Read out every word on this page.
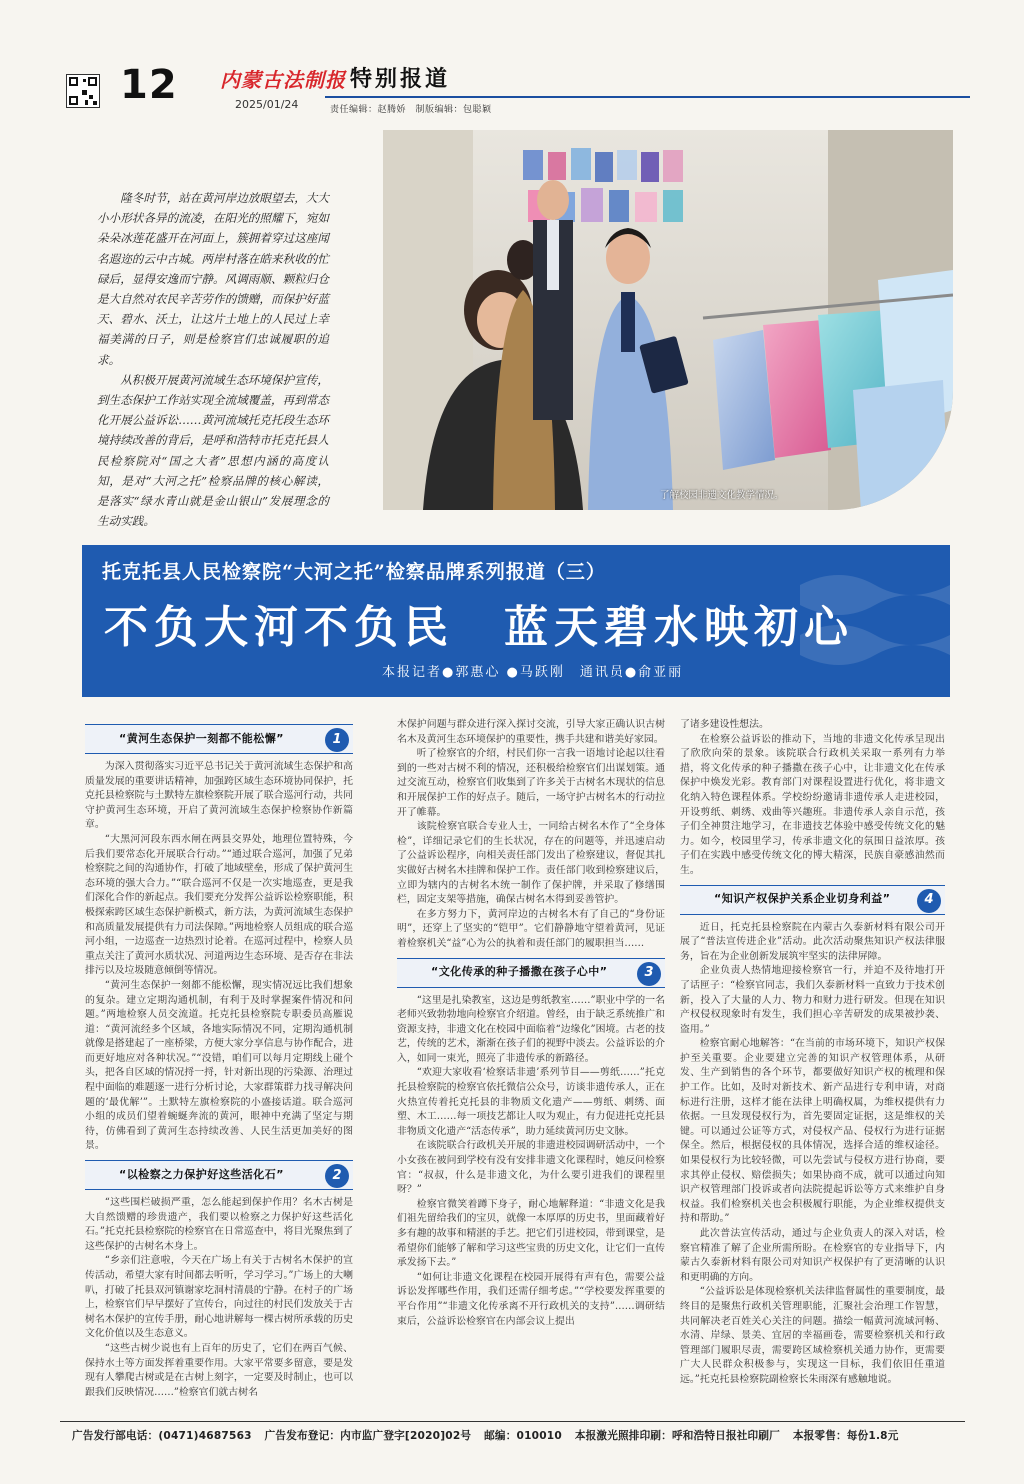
12 内蒙古法制报
2025/01/24
特别报道
责任编辑：赵腾娇　制版编辑：包聪颖

隆冬时节，站在黄河岸边放眼望去，大大小小形状各异的流凌，在阳光的照耀下，宛如朵朵冰莲花盛开在河面上，簇拥着穿过这座闻名遐迩的云中古城。两岸村落在皓来秋收的忙碌后，显得安逸而宁静。风调雨顺、颗粒归仓是大自然对农民辛苦劳作的馈赠，而保护好蓝天、碧水、沃土，让这片土地上的人民过上幸福美满的日子，则是检察官们忠诚履职的追求。

从积极开展黄河流域生态环境保护宣传，到生态保护工作站实现全流域覆盖，再到常态化开展公益诉讼……黄河流域托克托段生态环境持续改善的背后，是呼和浩特市托克托县人民检察院对“国之大者”思想内涵的高度认知，是对“大河之托”检察品牌的核心解读，是落实“绿水青山就是金山银山”发展理念的生动实践。

了解校园非遗文化教学情况。
托克托县人民检察院“大河之托”检察品牌系列报道（三）
不负大河不负民　蓝天碧水映初心
本报记者●郭惠心 ●马跃刚　通讯员●俞亚丽
“黄河生态保护一刻都不能松懈”	1

为深入贯彻落实习近平总书记关于黄河流域生态保护和高质量发展的重要讲话精神，加强跨区域生态环境协同保护，托克托县检察院与土默特左旗检察院开展了联合巡河行动，共同守护黄河生态环境，开启了黄河流域生态保护检察协作新篇章。

“大黑河河段东西水闸在两县交界处，地理位置特殊，今后我们要常态化开展联合行动。”“通过联合巡河，加强了兄弟检察院之间的沟通协作，打破了地域壁垒，形成了保护黄河生态环境的强大合力。”“联合巡河不仅是一次实地巡查，更是我们深化合作的新起点。我们要充分发挥公益诉讼检察职能，积极探索跨区域生态保护新模式，新方法，为黄河流域生态保护和高质量发展提供有力司法保障。”两地检察人员组成的联合巡河小组，一边巡查一边热烈讨论着。在巡河过程中，检察人员重点关注了黄河水质状况、河道两边生态环境、是否存在非法排污以及垃圾随意倾倒等情况。

“黄河生态保护一刻都不能松懈，现实情况远比我们想象的复杂。建立定期沟通机制，有利于及时掌握案件情况和问题。”两地检察人员交流道。托克托县检察院专职委员高雁说道：“黄河流经多个区域，各地实际情况不同，定期沟通机制就像是搭建起了一座桥梁，方便大家分享信息与协作配合，进而更好地应对各种状况。”“没错，咱们可以每月定期线上碰个头，把各自区域的情况捋一捋，针对新出现的污染源、治理过程中面临的难题逐一进行分析讨论，大家群策群力找寻解决问题的‘最优解’”。土默特左旗检察院的小盛接话道。联合巡河小组的成员们望着蜿蜒奔流的黄河，眼神中充满了坚定与期待，仿佛看到了黄河生态持续改善、人民生活更加美好的图景。

“以检察之力保护好这些活化石”	2

“这些围栏破损严重，怎么能起到保护作用？名木古树是大自然馈赠的珍贵遗产，我们要以检察之力保护好这些活化石。”托克托县检察院的检察官在日常巡查中，将目光聚焦到了这些保护的古树名木身上。

“乡亲们注意啦，今天在广场上有关于古树名木保护的宣传活动，希望大家有时间都去听听，学习学习。”广场上的大喇叭，打破了托县双河镇谢家圪洞村清晨的宁静。在村子的广场上，检察官们早早摆好了宣传台，向过往的村民们发放关于古树名木保护的宣传手册，耐心地讲解每一棵古树所承载的历史文化价值以及生态意义。

“这些古树少说也有上百年的历史了，它们在两百气候、保持水土等方面发挥着重要作用。大家平常要多留意，要是发现有人攀爬古树或是在古树上刻字，一定要及时制止，也可以跟我们反映情况……”检察官们就古树名

木保护问题与群众进行深入探讨交流，引导大家正确认识古树名木及黄河生态环境保护的重要性，携手共建和谐美好家园。

听了检察官的介绍，村民们你一言我一语地讨论起以往看到的一些对古树不利的情况，还积极给检察官们出谋划策。通过交流互动，检察官们收集到了许多关于古树名木现状的信息和开展保护工作的好点子。随后，一场守护古树名木的行动拉开了帷幕。

该院检察官联合专业人士，一同给古树名木作了“全身体检”，详细记录它们的生长状况，存在的问题等，并迅速启动了公益诉讼程序，向相关责任部门发出了检察建议，督促其扎实做好古树名木挂牌和保护工作。责任部门收到检察建议后，立即为辖内的古树名木统一制作了保护牌，并采取了修缮围栏，固定支架等措施，确保古树名木得到妥善管护。

在多方努力下，黄河岸边的古树名木有了自己的“身份证明”，还穿上了坚实的“铠甲”。它们静静地守望着黄河，见证着检察机关“益”心为公的执着和责任部门的履职担当……

“文化传承的种子播撒在孩子心中”	3

“这里是扎染教室，这边是剪纸教室……”职业中学的一名老师兴致勃勃地向检察官介绍道。曾经，由于缺乏系统推广和资源支持，非遗文化在校园中面临着“边缘化”困境。古老的技艺，传统的艺术，渐渐在孩子们的视野中淡去。公益诉讼的介入，如同一束光，照亮了非遗传承的新路径。

“欢迎大家收看‘检察话非遗’系列节目——剪纸……”托克托县检察院的检察官依托微信公众号，访谈非遗传承人，正在火热宣传着托克托县的非物质文化遗产——剪纸、刺绣、面塑、木工……每一项技艺都让人叹为观止，有力促进托克托县非物质文化遗产“活态传承”，助力延续黄河历史文脉。

在该院联合行政机关开展的非遗进校园调研活动中，一个小女孩在被问到学校有没有安排非遗文化课程时，她反问检察官：“叔叔，什么是非遗文化，为什么要引进我们的课程里呀？”

检察官微笑着蹲下身子，耐心地解释道：“非遗文化是我们祖先留给我们的宝贝，就像一本厚厚的历史书，里面藏着好多有趣的故事和精湛的手艺。把它们引进校园，带到课堂，是希望你们能够了解和学习这些宝贵的历史文化，让它们一直传承发扬下去。”

“如何让非遗文化课程在校园开展得有声有色，需要公益诉讼发挥哪些作用，我们还需仔细考虑。”“学校要发挥重要的平台作用”“非遗文化传承离不开行政机关的支持”……调研结束后，公益诉讼检察官在内部会议上提出

了诸多建设性想法。

在检察公益诉讼的推动下，当地的非遗文化传承呈现出了欣欣向荣的景象。该院联合行政机关采取一系列有力举措，将文化传承的种子播撒在孩子心中，让非遗文化在传承保护中焕发光彩。教育部门对课程设置进行优化，将非遗文化纳入特色课程体系。学校纷纷邀请非遗传承人走进校园，开设剪纸、刺绣、戏曲等兴趣班。非遗传承人亲自示范，孩子们全神贯注地学习，在非遗技艺体验中感受传统文化的魅力。如今，校园里学习，传承非遗文化的氛围日益浓厚。孩子们在实践中感受传统文化的博大精深，民族自豪感油然而生。

“知识产权保护关系企业切身利益”	4

近日，托克托县检察院在内蒙古久泰新材料有限公司开展了“普法宣传进企业”活动。此次活动聚焦知识产权法律服务，旨在为企业创新发展筑牢坚实的法律屏障。

企业负责人热情地迎接检察官一行，并迫不及待地打开了话匣子：“检察官同志，我们久泰新材料一直致力于技术创新，投入了大量的人力、物力和财力进行研发。但现在知识产权侵权现象时有发生，我们担心辛苦研发的成果被抄袭、盗用。”

检察官耐心地解答：“在当前的市场环境下，知识产权保护至关重要。企业要建立完善的知识产权管理体系，从研发、生产到销售的各个环节，都要做好知识产权的梳理和保护工作。比如，及时对新技术、新产品进行专利申请，对商标进行注册，这样才能在法律上明确权属，为维权提供有力依据。一旦发现侵权行为，首先要固定证据，这是维权的关键。可以通过公证等方式，对侵权产品、侵权行为进行证据保全。然后，根据侵权的具体情况，选择合适的维权途径。如果侵权行为比较轻微，可以先尝试与侵权方进行协商，要求其停止侵权、赔偿损失；如果协商不成，就可以通过向知识产权管理部门投诉或者向法院提起诉讼等方式来维护自身权益。我们检察机关也会积极履行职能，为企业维权提供支持和帮助。”

此次普法宣传活动，通过与企业负责人的深入对话，检察官精准了解了企业所需所盼。在检察官的专业指导下，内蒙古久泰新材料有限公司对知识产权保护有了更清晰的认识和更明确的方向。

“公益诉讼是体现检察机关法律监督属性的重要制度，最终目的是聚焦行政机关管理职能，汇聚社会治理工作智慧，共同解决老百姓关心关注的问题。描绘一幅黄河流域河畅、水清、岸绿、景美、宜居的幸福画卷，需要检察机关和行政管理部门履职尽责，需要跨区域检察机关通力协作，更需要广大人民群众积极参与，实现这一目标，我们依旧任重道远。”托克托县检察院副检察长朱雨深有感触地说。

广告发行部电话：(0471)4687563 广告发布登记：内市监广登字[2020]02号 邮编：010010 本报激光照排印刷：呼和浩特日报社印刷厂 本报零售：每份1.8元
